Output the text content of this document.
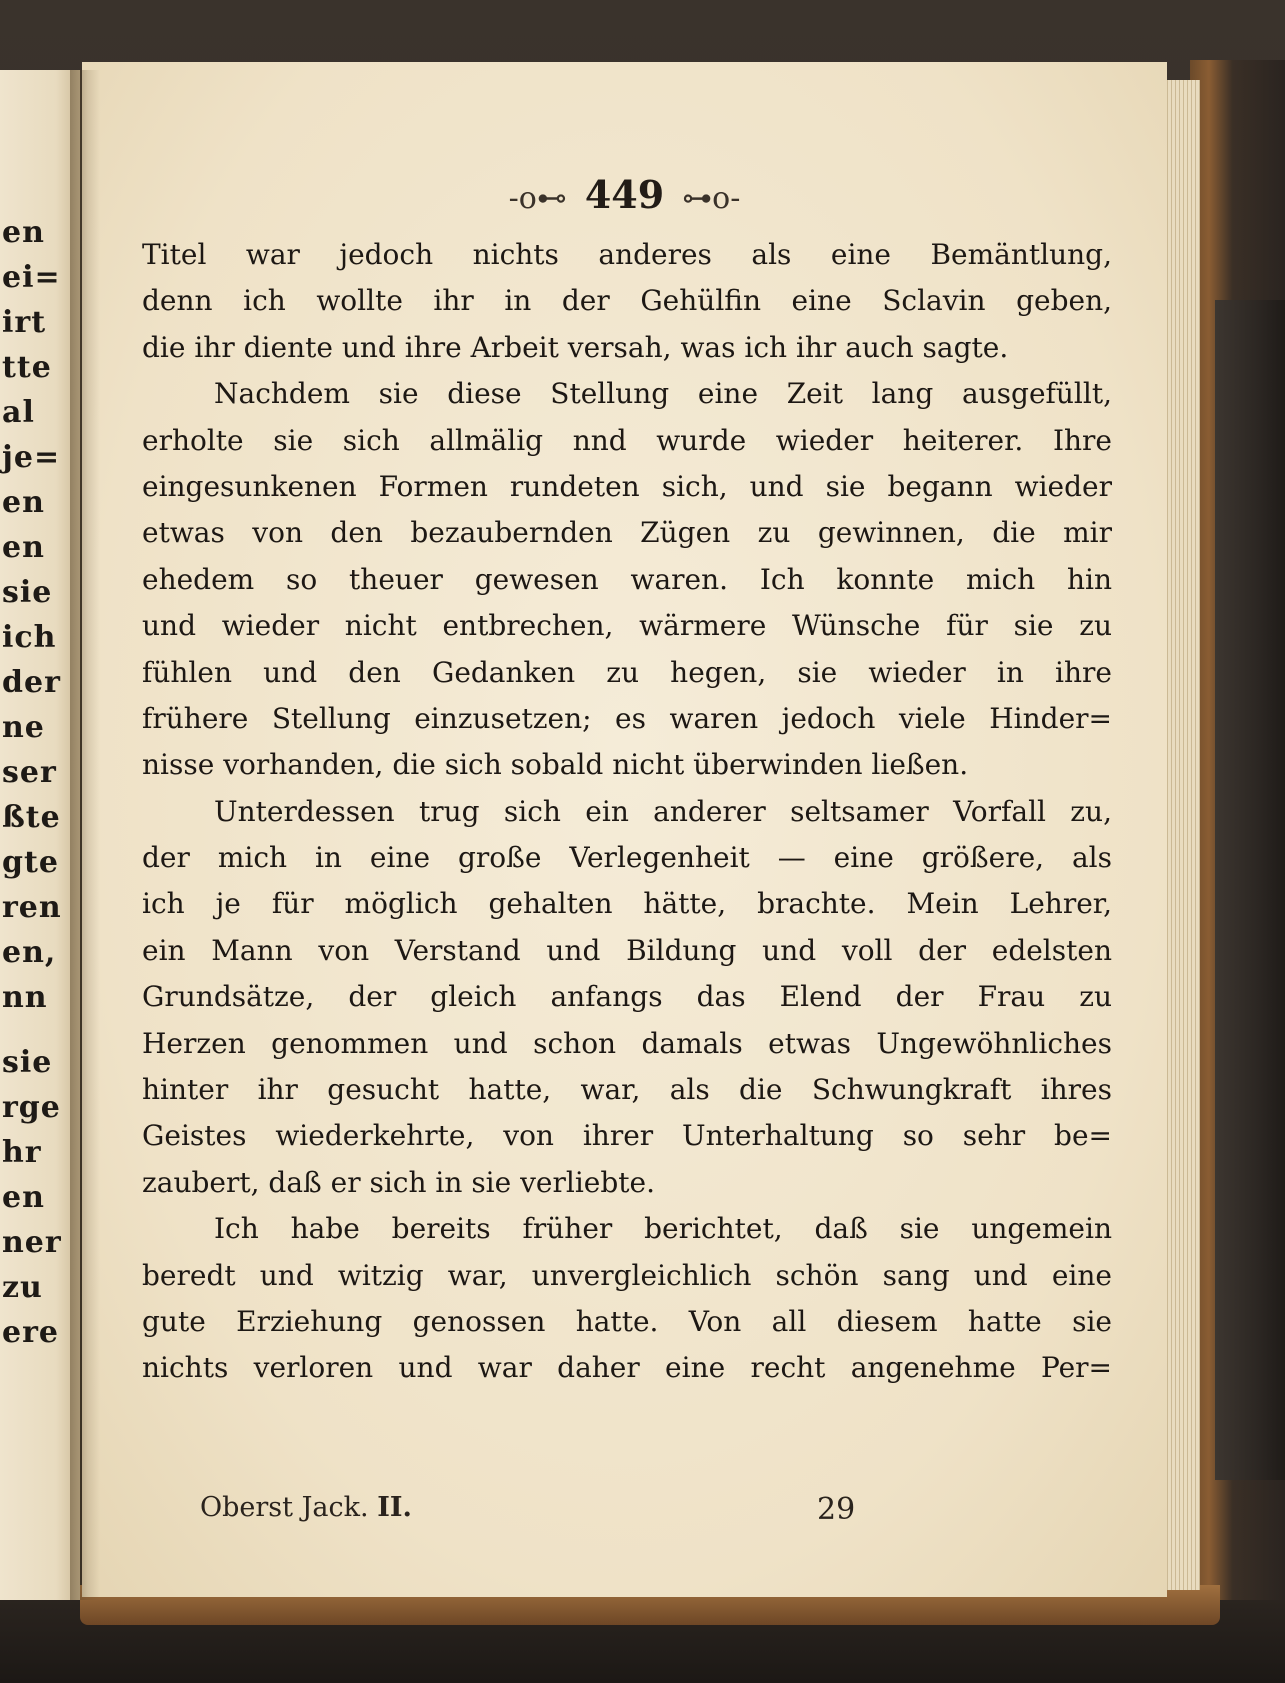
en
ei=
irt
tte
al
je=
en
en
sie
ich
der
ne
ser
ßte
gte
ren
en,
nn
sie
rge
hr
en
ner
zu
ere
-o⊷ 449 ⊶o-
Titel war jedoch nichts anderes als eine Bemäntlung,
denn ich wollte ihr in der Gehülfin eine Sclavin geben,
die ihr diente und ihre Arbeit versah, was ich ihr auch sagte.
Nachdem sie diese Stellung eine Zeit lang ausgefüllt,
erholte sie sich allmälig nnd wurde wieder heiterer. Ihre
eingesunkenen Formen rundeten sich, und sie begann wieder
etwas von den bezaubernden Zügen zu gewinnen, die mir
ehedem so theuer gewesen waren. Ich konnte mich hin
und wieder nicht entbrechen, wärmere Wünsche für sie zu
fühlen und den Gedanken zu hegen, sie wieder in ihre
frühere Stellung einzusetzen; es waren jedoch viele Hinder=
nisse vorhanden, die sich sobald nicht überwinden ließen.
Unterdessen trug sich ein anderer seltsamer Vorfall zu,
der mich in eine große Verlegenheit — eine größere, als
ich je für möglich gehalten hätte, brachte. Mein Lehrer,
ein Mann von Verstand und Bildung und voll der edelsten
Grundsätze, der gleich anfangs das Elend der Frau zu
Herzen genommen und schon damals etwas Ungewöhnliches
hinter ihr gesucht hatte, war, als die Schwungkraft ihres
Geistes wiederkehrte, von ihrer Unterhaltung so sehr be=
zaubert, daß er sich in sie verliebte.
Ich habe bereits früher berichtet, daß sie ungemein
beredt und witzig war, unvergleichlich schön sang und eine
gute Erziehung genossen hatte. Von all diesem hatte sie
nichts verloren und war daher eine recht angenehme Per=
Oberst Jack. II.	29
